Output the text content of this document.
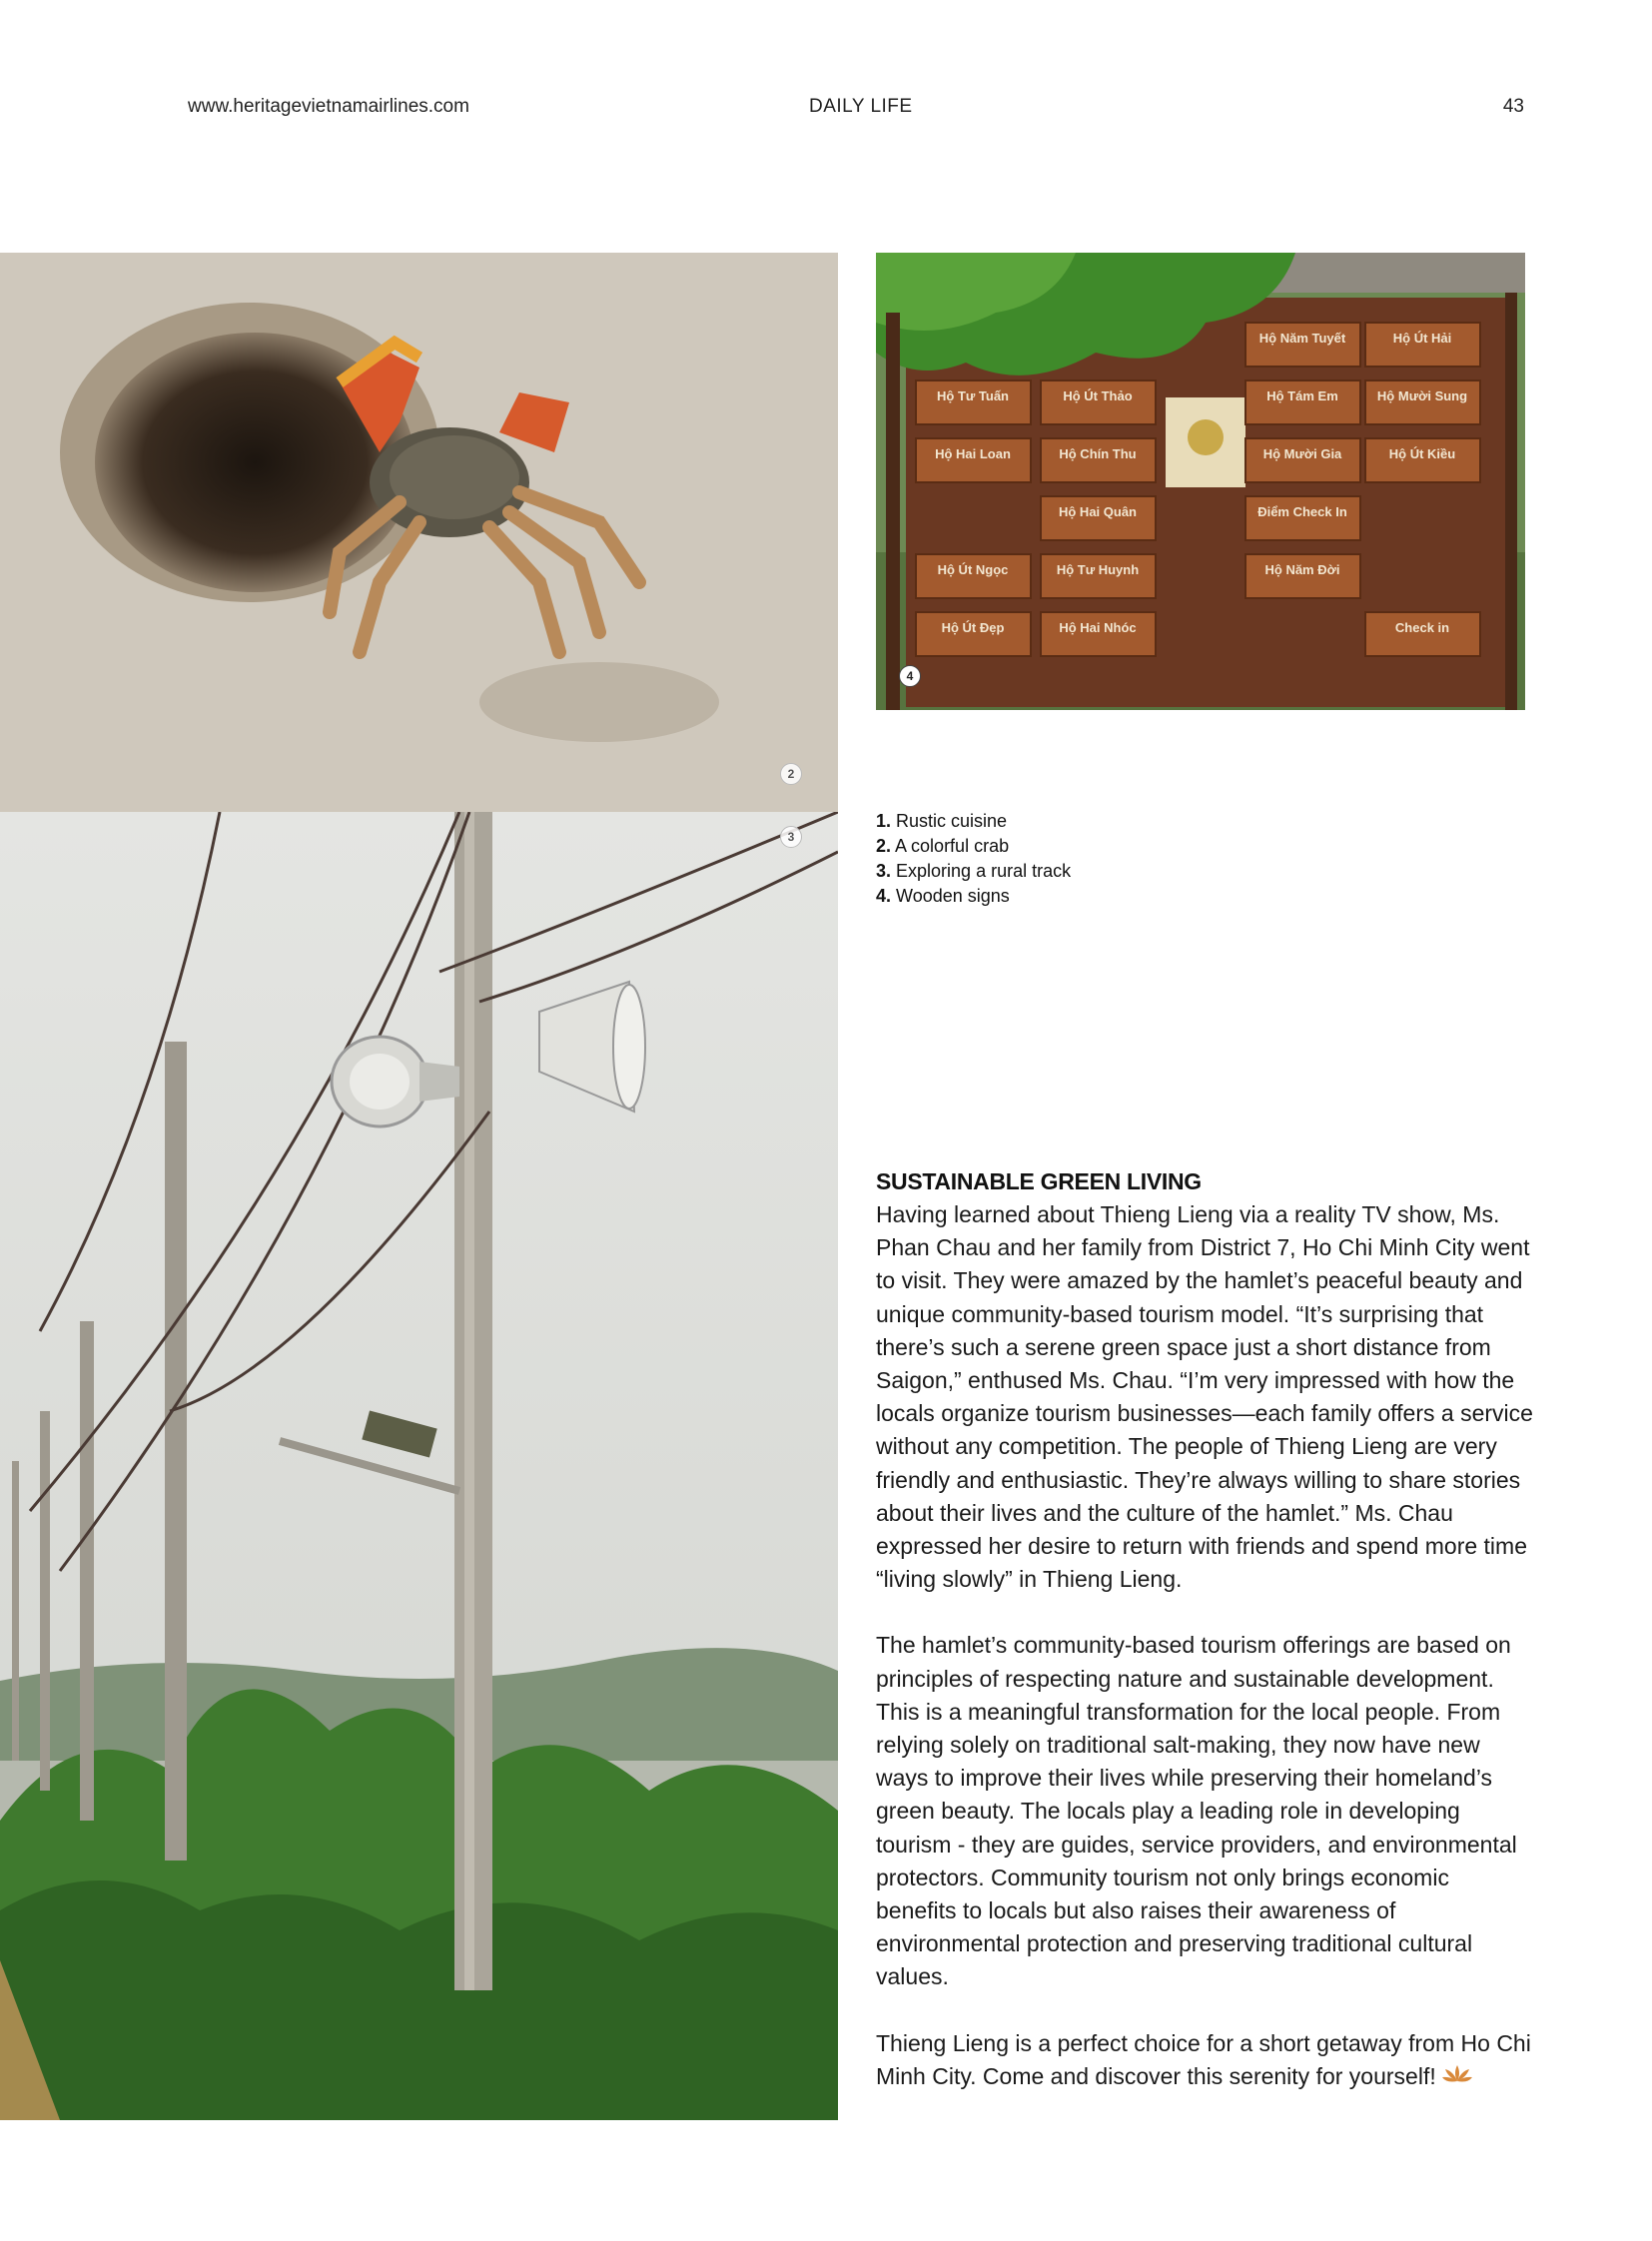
www.heritagevietnamairlines.com	DAILY LIFE	43
2
3
Hộ Năm Tuyết	Hộ Út Hải
Hộ Tư Tuấn	Hộ Út Thảo	Hộ Tám Em	Hộ Mười Sung
Hộ Hai Loan	Hộ Chín Thu	Hộ Mười Gia	Hộ Út Kiều
Hộ Hai Quân	Điểm Check In
Hộ Út Ngọc	Hộ Tư Huynh	Hộ Năm Đời
Hộ Út Đẹp	Hộ Hai Nhóc	Check in
4
1. Rustic cuisine
2. A colorful crab
3. Exploring a rural track
4. Wooden signs
SUSTAINABLE GREEN LIVING

Having learned about Thieng Lieng via a reality TV show, Ms. Phan Chau and her family from District 7, Ho Chi Minh City went to visit. They were amazed by the hamlet’s peaceful beauty and unique community-based tourism model. “It’s surprising that there’s such a serene green space just a short distance from Saigon,” enthused Ms. Chau. “I’m very impressed with how the locals organize tourism businesses—each family offers a service without any competition. The people of Thieng Lieng are very friendly and enthusiastic. They’re always willing to share stories about their lives and the culture of the hamlet.” Ms. Chau expressed her desire to return with friends and spend more time “living slowly” in Thieng Lieng.

The hamlet’s community-based tourism offerings are based on principles of respecting nature and sustainable development. This is a meaningful transformation for the local people. From relying solely on traditional salt-making, they now have new ways to improve their lives while preserving their homeland’s green beauty. The locals play a leading role in developing tourism - they are guides, service providers, and environmental protectors. Community tourism not only brings economic benefits to locals but also raises their awareness of environmental protection and preserving traditional cultural values.

Thieng Lieng is a perfect choice for a short getaway from Ho Chi Minh City. Come and discover this serenity for yourself!
